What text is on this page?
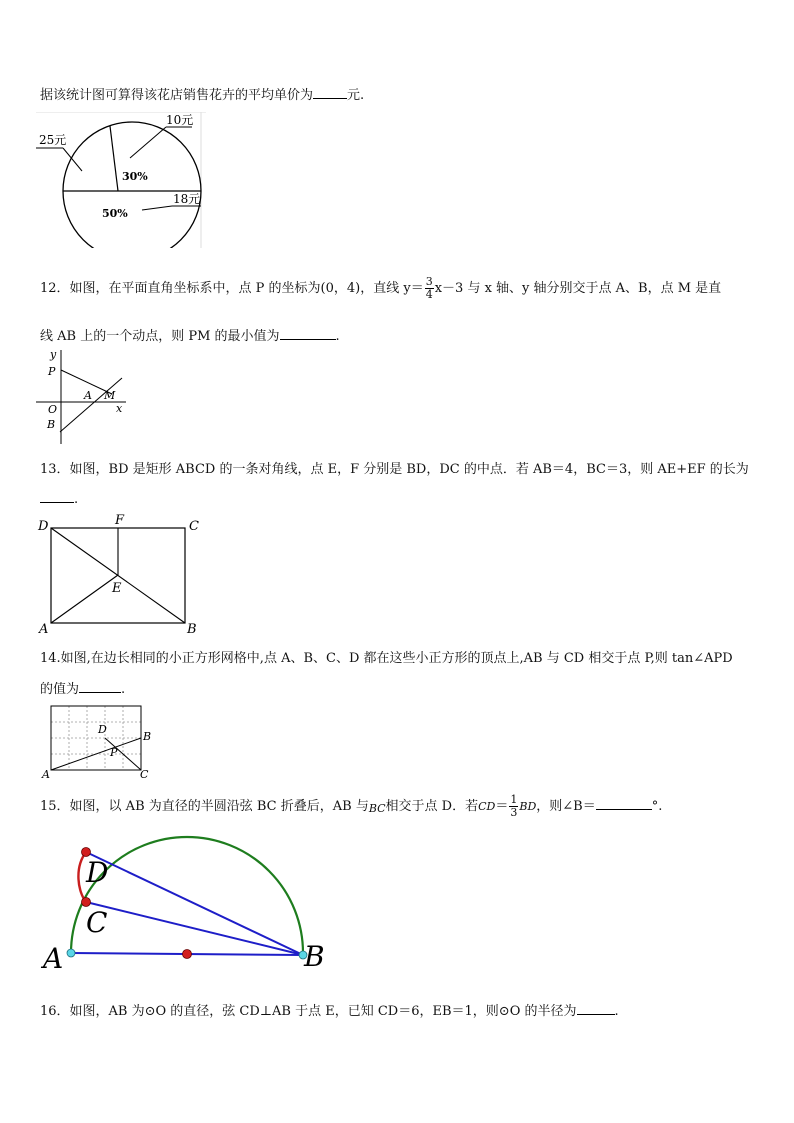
据该统计图可算得该花店销售花卉的平均单价为	元.
10元
25元
18元
30%
50%
12．如图，在平面直角坐标系中，点 P 的坐标为(0，4)，直线 $y= \frac{3}{4} x-3$ 与 x 轴、y 轴分别交于点 A、B，点 M 是直
线 AB 上的一个动点，则 PM 的最小值为	.
y
P
A M
O	x
B
13．如图，BD 是矩形 ABCD 的一条对角线，点 E，F 分别是 BD，DC 的中点．若 AB＝4，BC＝3，则 AE+EF 的长为
.
D	F	C
E
A	B
14.如图,在边长相同的小正方形网格中,点 A、B、C、D 都在这些小正方形的顶点上,AB 与 CD 相交于点 P,则 tan∠APD
的值为	.
D
B
P
A	C
15．如图，以 AB 为直径的半圆沿弦 BC 折叠后，AB 与BC相交于点 D．若$CD= \frac{1}{3}$ BD，则∠B＝	°.
D
C
A	B
16．如图，AB 为⊙O 的直径，弦 CD⊥AB 于点 E，已知 CD＝6，EB＝1，则⊙O 的半径为	.
